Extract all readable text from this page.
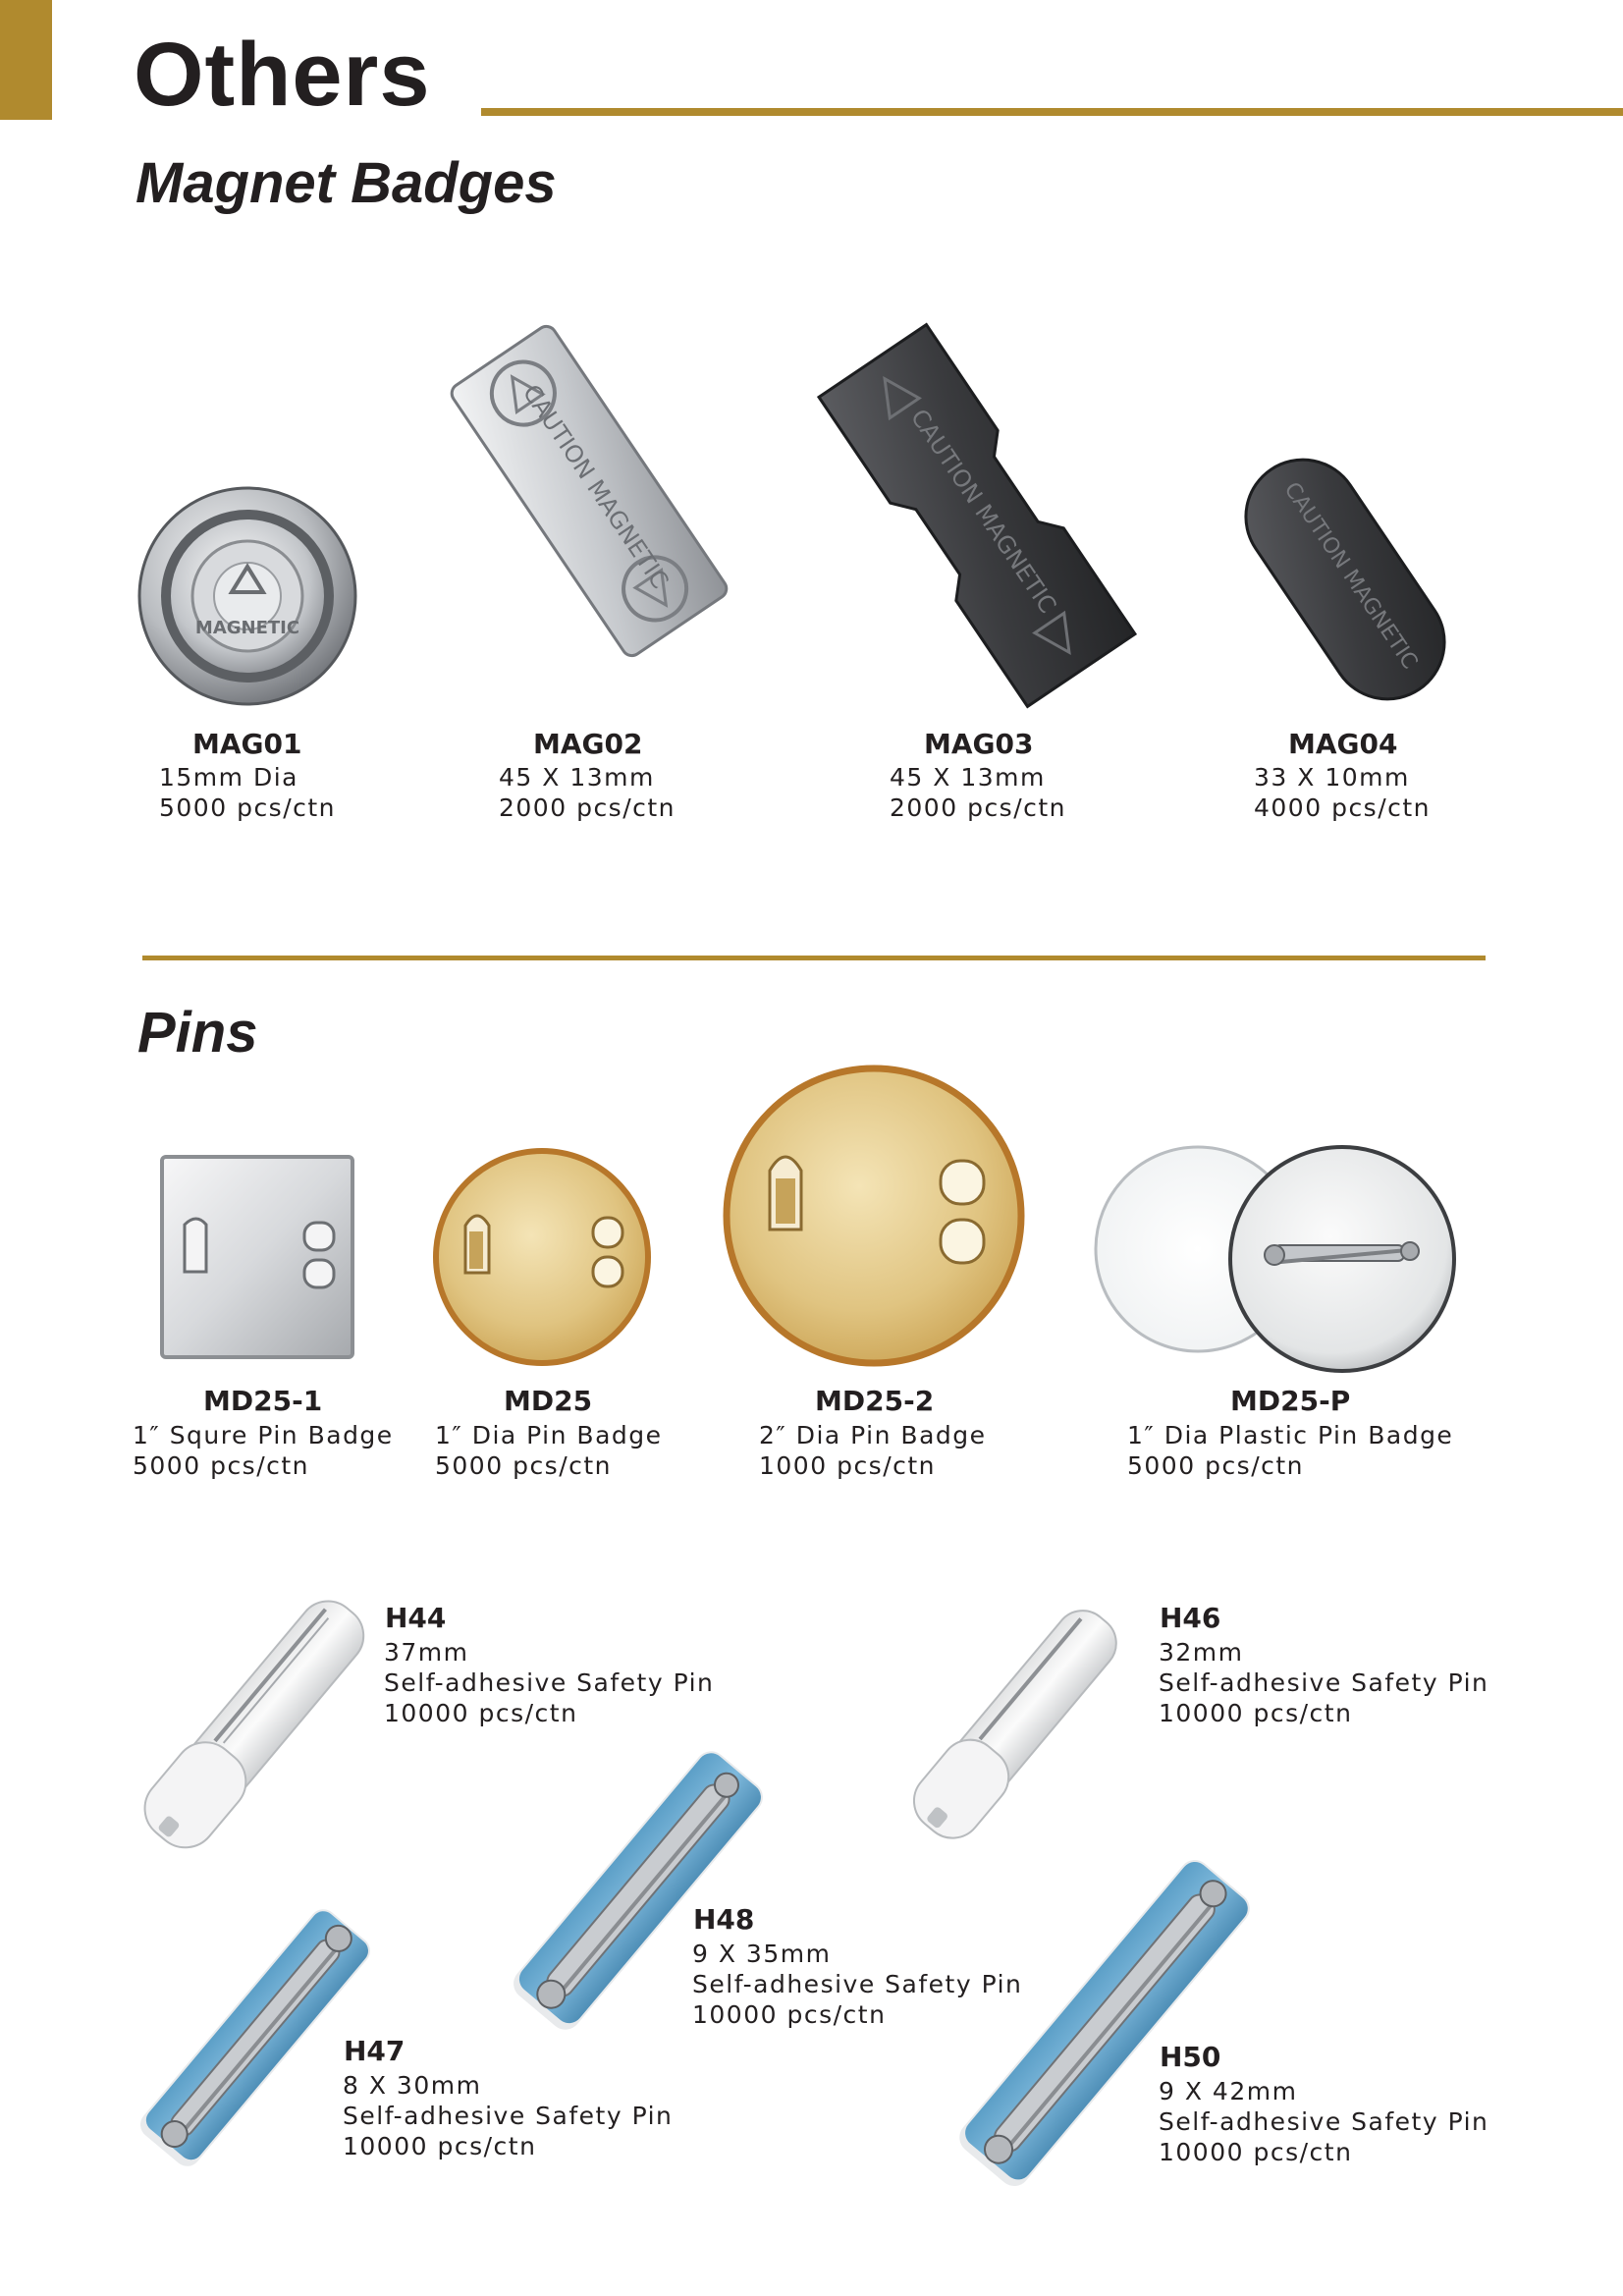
Others
Magnet Badges
MAGNETIC
CAUTION MAGNETIC	CAUTION MAGNETIC	CAUTION MAGNETIC
MAG01
15mm Dia
5000 pcs/ctn
MAG02
45 X 13mm
2000 pcs/ctn
MAG03
45 X 13mm
2000 pcs/ctn
MAG04
33 X 10mm
4000 pcs/ctn
Pins
MD25-1
1″ Squre Pin Badge
5000 pcs/ctn
MD25
1″ Dia Pin Badge
5000 pcs/ctn
MD25-2
2″ Dia Pin Badge
1000 pcs/ctn
MD25-P
1″ Dia Plastic Pin Badge
5000 pcs/ctn
H44
37mm
Self-adhesive Safety Pin
10000 pcs/ctn
H46
32mm
Self-adhesive Safety Pin
10000 pcs/ctn
H48
9 X 35mm
Self-adhesive Safety Pin
10000 pcs/ctn
H47
8 X 30mm
Self-adhesive Safety Pin
10000 pcs/ctn
H50
9 X 42mm
Self-adhesive Safety Pin
10000 pcs/ctn
